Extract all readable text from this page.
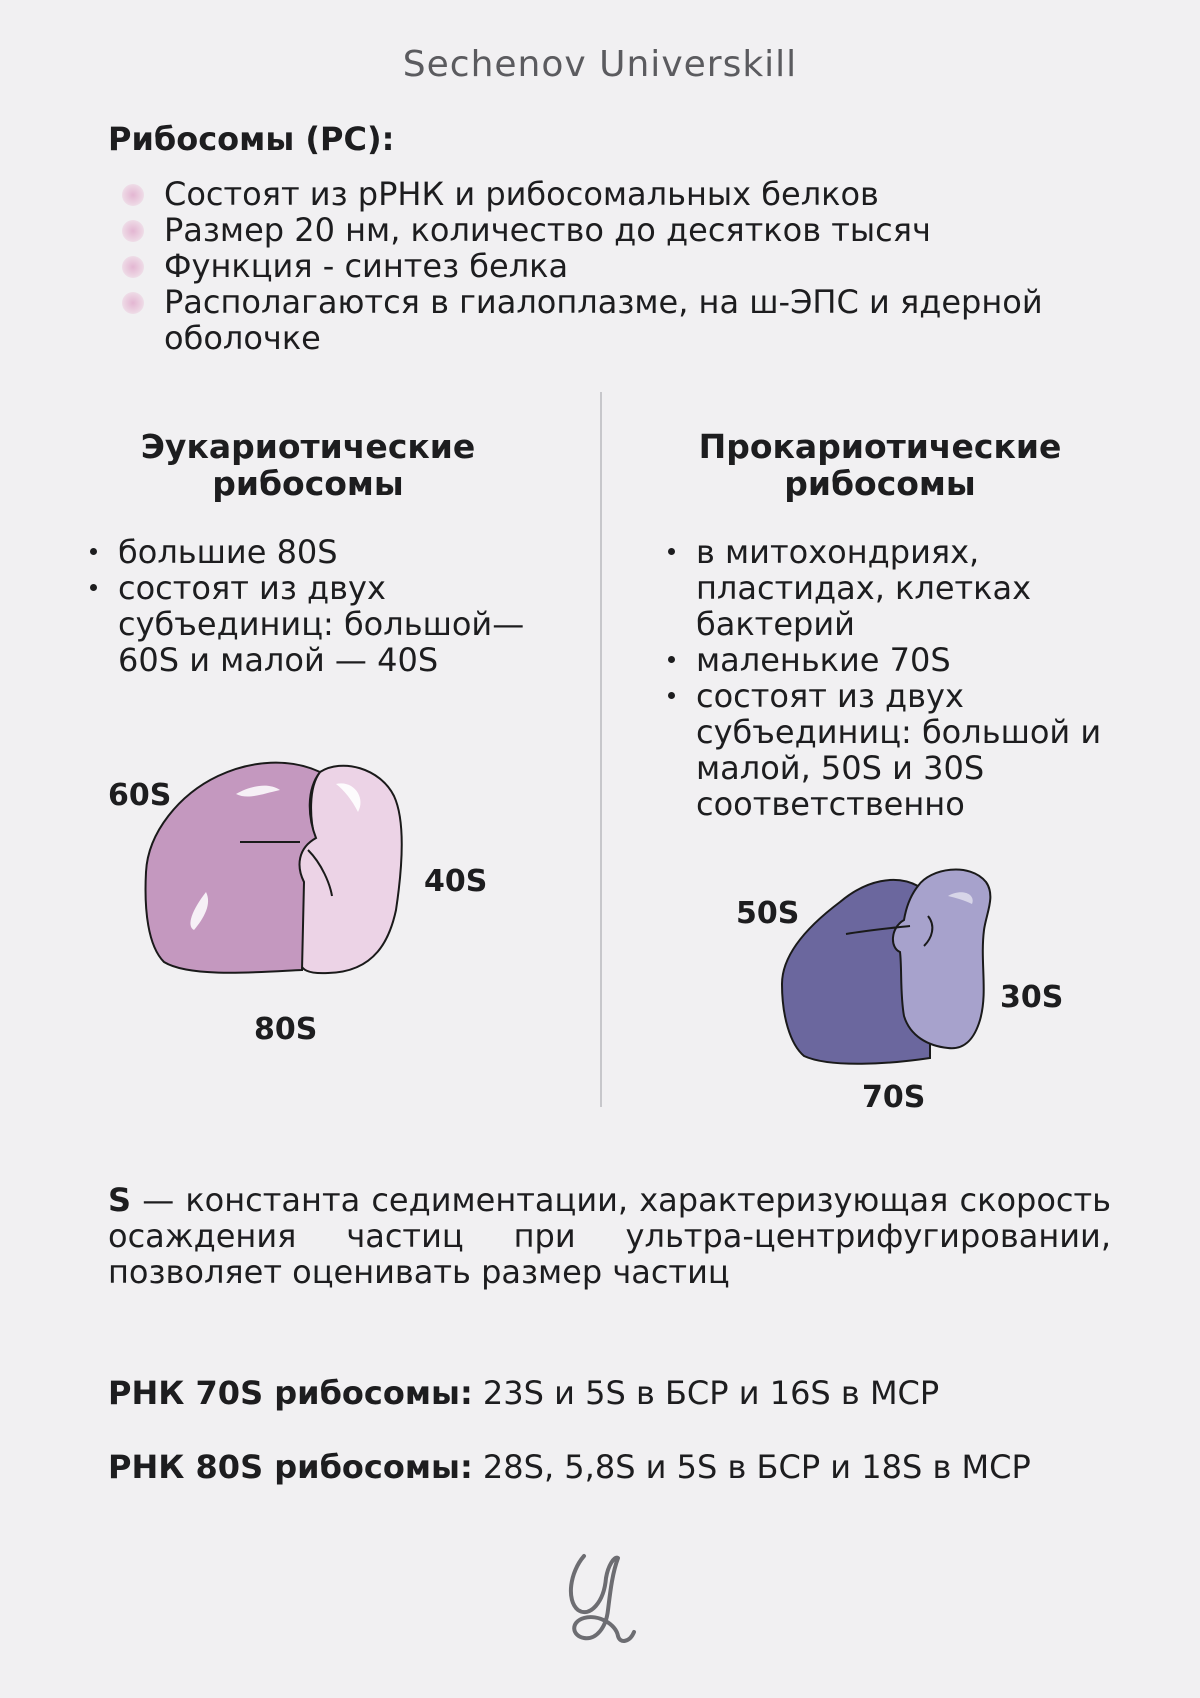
Sechenov Universkill
Рибосомы (РС):
Состоят из рРНК и рибосомальных белков
Размер 20 нм, количество до десятков тысяч
Функция - синтез белка
Располагаются в гиалоплазме, на ш-ЭПС и ядерной оболочке
Эукариотические
рибосомы
большие 80S
состоят из двух субъединиц: большой— 60S и малой — 40S
60S
40S
80S
Прокариотические
рибосомы
в митохондриях, пластидах, клетках бактерий
маленькие 70S
состоят из двух субъединиц: большой и малой, 50S и 30S соответственно
50S
30S
70S
S — константа седиментации, характеризующая скорость осаждения частиц при ультра-центрифугировании, позволяет оценивать размер частиц
РНК 70S рибосомы: 23S и 5S в БСР и 16S в МСР
РНК 80S рибосомы: 28S, 5,8S и 5S в БСР и 18S в МСР
